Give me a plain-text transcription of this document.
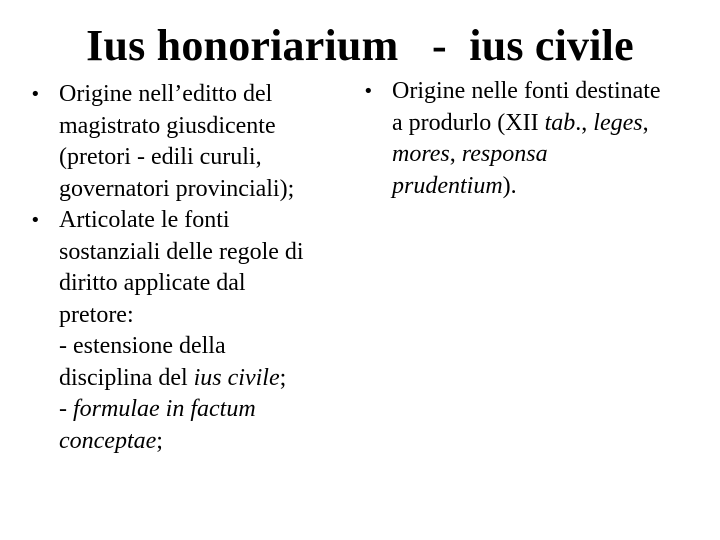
Ius honoriarium   -  ius civile
• Origine nell’editto del
magistrato giusdicente
(pretori - edili curuli,
governatori provinciali);
• Articolate le fonti
sostanziali delle regole di
diritto applicate dal
pretore:
- estensione della
disciplina del ius civile;
- formulae in factum
conceptae;
• Origine nelle fonti destinate
a produrlo (XII tab., leges,
mores, responsa
prudentium).
